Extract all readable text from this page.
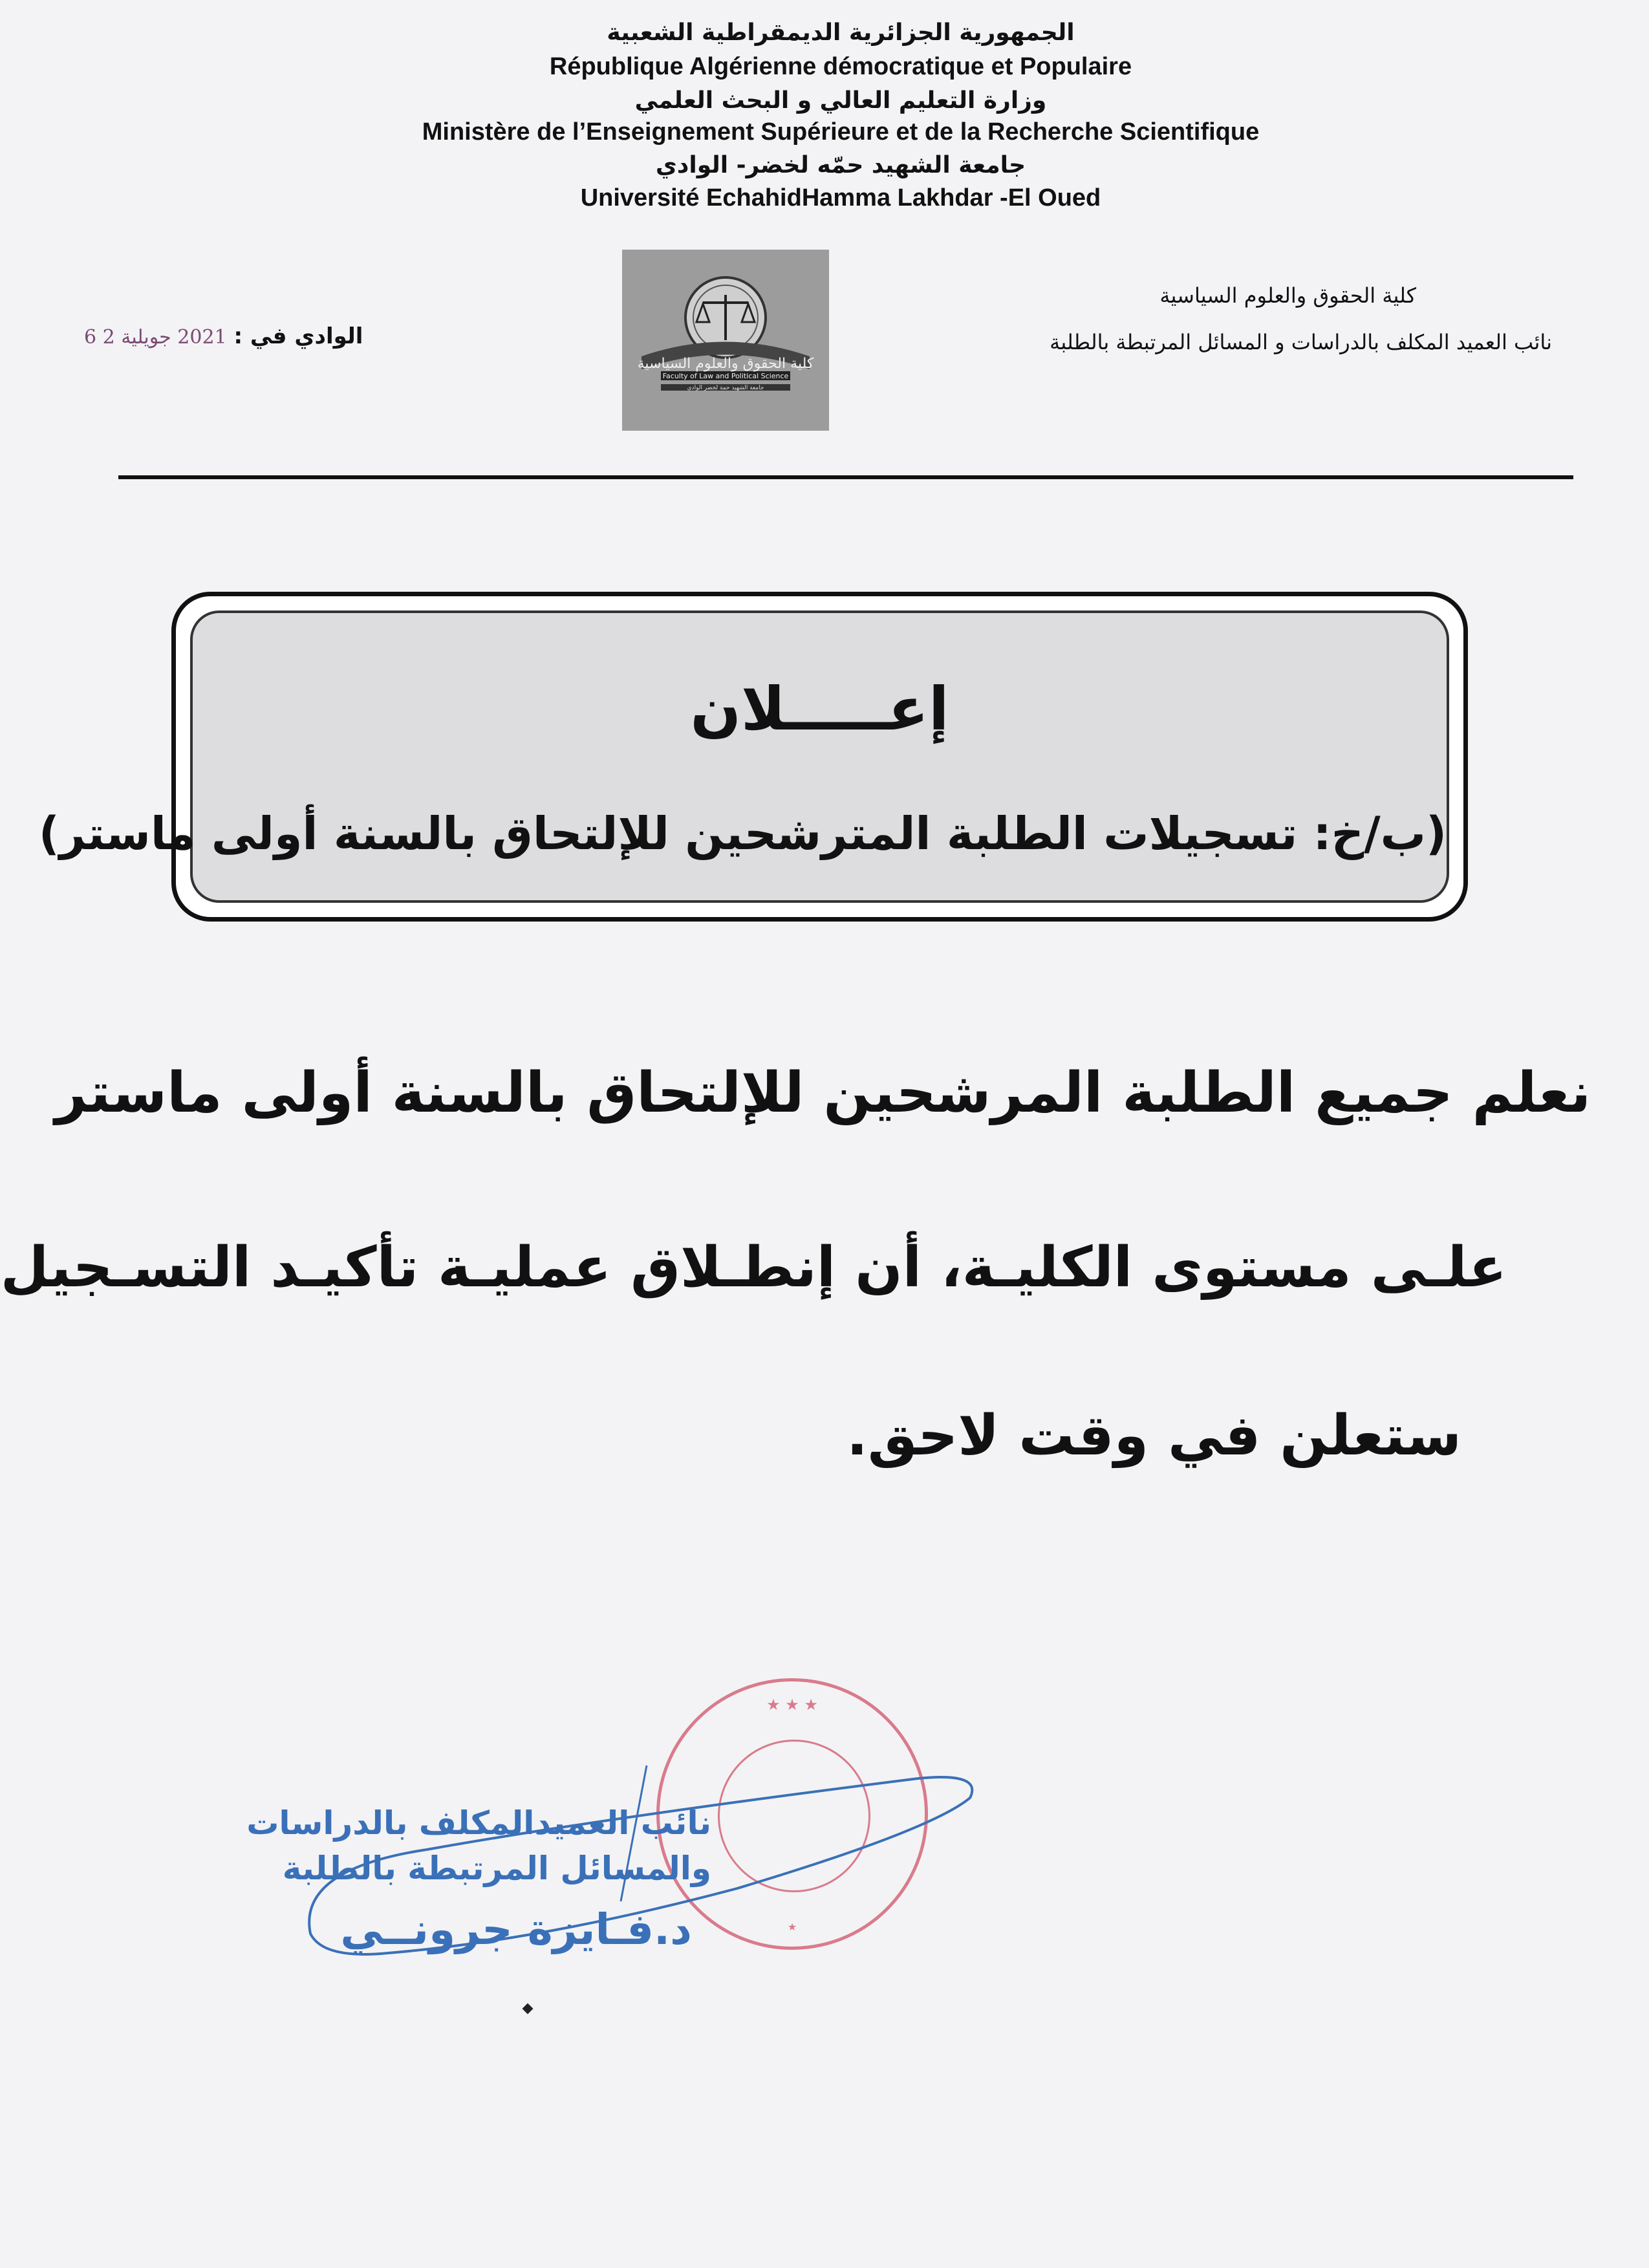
الجمهورية الجزائرية الديمقراطية الشعبية
République Algérienne démocratique et Populaire
وزارة التعليم العالي و البحث العلمي
Ministère de l’Enseignement Supérieure et de la Recherche Scientifique
جامعة الشهيد حمّه لخضر- الوادي
Université EchahidHamma Lakhdar -El Oued
كلية الحقوق والعلوم السياسية
Faculty of Law and Political Science
جامعة الشهيد حمة لخضر الوادي
كلية الحقوق والعلوم السياسية
نائب العميد المكلف بالدراسات و المسائل المرتبطة بالطلبة
الوادي في : 2021 جويلية 2 6
إعـــــلان
(ب/خ: تسجيلات الطلبة المترشحين للإلتحاق بالسنة أولى ماستر)
نعلم جميع الطلبة المرشحين للإلتحاق بالسنة أولى ماستر
علـى مستوى الكليـة، أن إنطـلاق عمليـة تأكيـد التسـجيل
ستعلن في وقت لاحق.
★ ★ ★
★
نائب العميدالمكلف بالدراسات
والمسائل المرتبطة بالطلبة
د.فـايزة جرونــي
